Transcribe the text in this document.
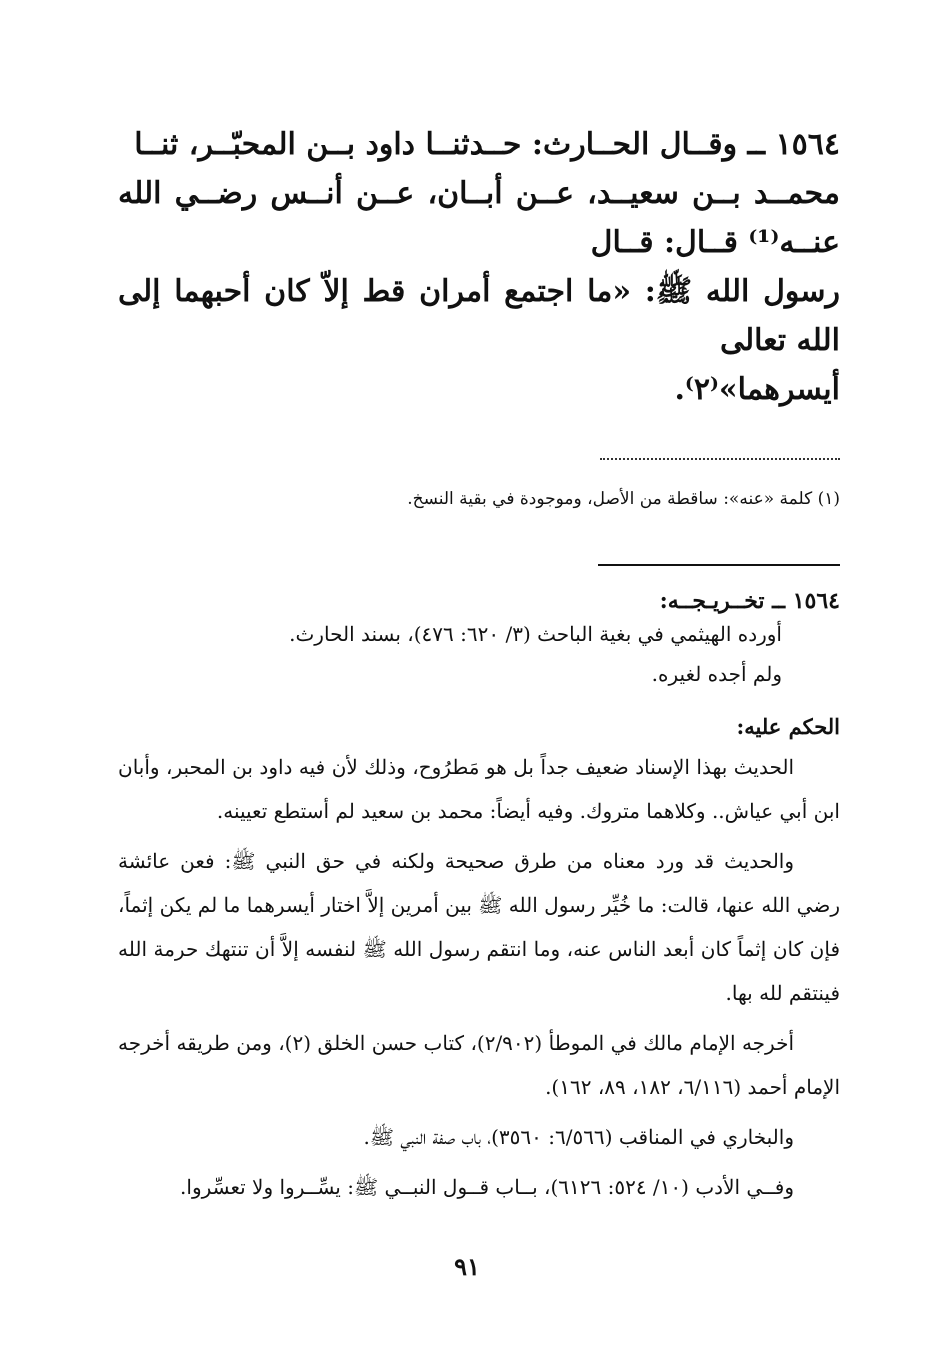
١٥٦٤ ــ وقــال الحــارث: حــدثنــا داود بــن المحبّــر، ثنــا
محمــد بــن سعيــد، عــن أبــان، عــن أنــس رضــي الله عنــه⁽¹⁾ قــال: قــال
رسول الله ﷺ: «ما اجتمع أمران قط إلاّ كان أحبهما إلى الله تعالى
أيسرهما»⁽٢⁾.
(١) كلمة «عنه»: ساقطة من الأصل، وموجودة في بقية النسخ.
١٥٦٤ ــ تخــريـجــه:
أورده الهيثمي في بغية الباحث (٣/ ٦٢٠: ٤٧٦)، بسند الحارث.
ولم أجده لغيره.
الحكم عليه:
الحديث بهذا الإسناد ضعيف جداً بل هو مَطرُوح، وذلك لأن فيه داود بن المحبر، وأبان ابن أبي عياش.. وكلاهما متروك. وفيه أيضاً: محمد بن سعيد لم أستطع تعيينه.
والحديث قد ورد معناه من طرق صحيحة ولكنه في حق النبي ﷺ: فعن عائشة رضي الله عنها، قالت: ما خُيِّر رسول الله ﷺ بين أمرين إلاَّ اختار أيسرهما ما لم يكن إثماً، فإن كان إثماً كان أبعد الناس عنه، وما انتقم رسول الله ﷺ لنفسه إلاَّ أن تنتهك حرمة الله فينتقم لله بها.
أخرجه الإمام مالك في الموطأ (٢/٩٠٢)، كتاب حسن الخلق (٢)، ومن طريقه أخرجه الإمام أحمد (٦/١١٦، ١٨٢، ٨٩، ١٦٢).
والبخاري في المناقب (٦/٥٦٦: ٣٥٦٠)، باب صفة النبي ﷺ.
وفــي الأدب (١٠/ ٥٢٤: ٦١٢٦)، بــاب قــول النبــي ﷺ: يسِّــروا ولا تعسِّروا.
٩١
